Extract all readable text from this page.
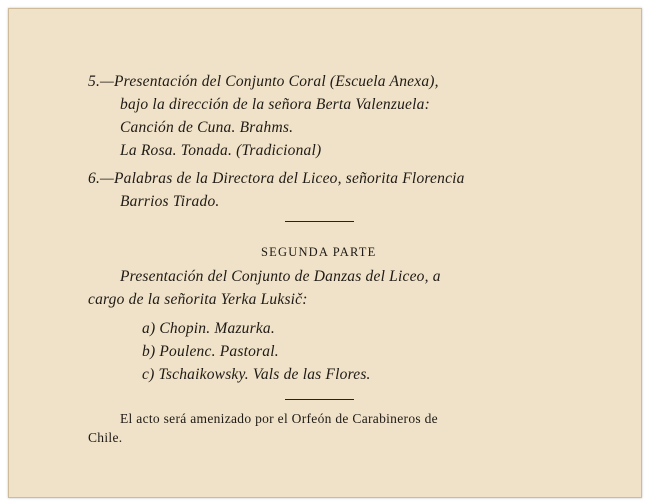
5.—Presentación del Conjunto Coral (Escuela Anexa),
bajo la dirección de la señora Berta Valenzuela:
Canción de Cuna. Brahms.
La Rosa. Tonada. (Tradicional)
6.—Palabras de la Directora del Liceo, señorita Florencia
Barrios Tirado.
SEGUNDA PARTE
Presentación del Conjunto de Danzas del Liceo, a
cargo de la señorita Yerka Luksič:
a) Chopin. Mazurka.
b) Poulenc. Pastoral.
c) Tschaikowsky. Vals de las Flores.
El acto será amenizado por el Orfeón de Carabineros de
Chile.
